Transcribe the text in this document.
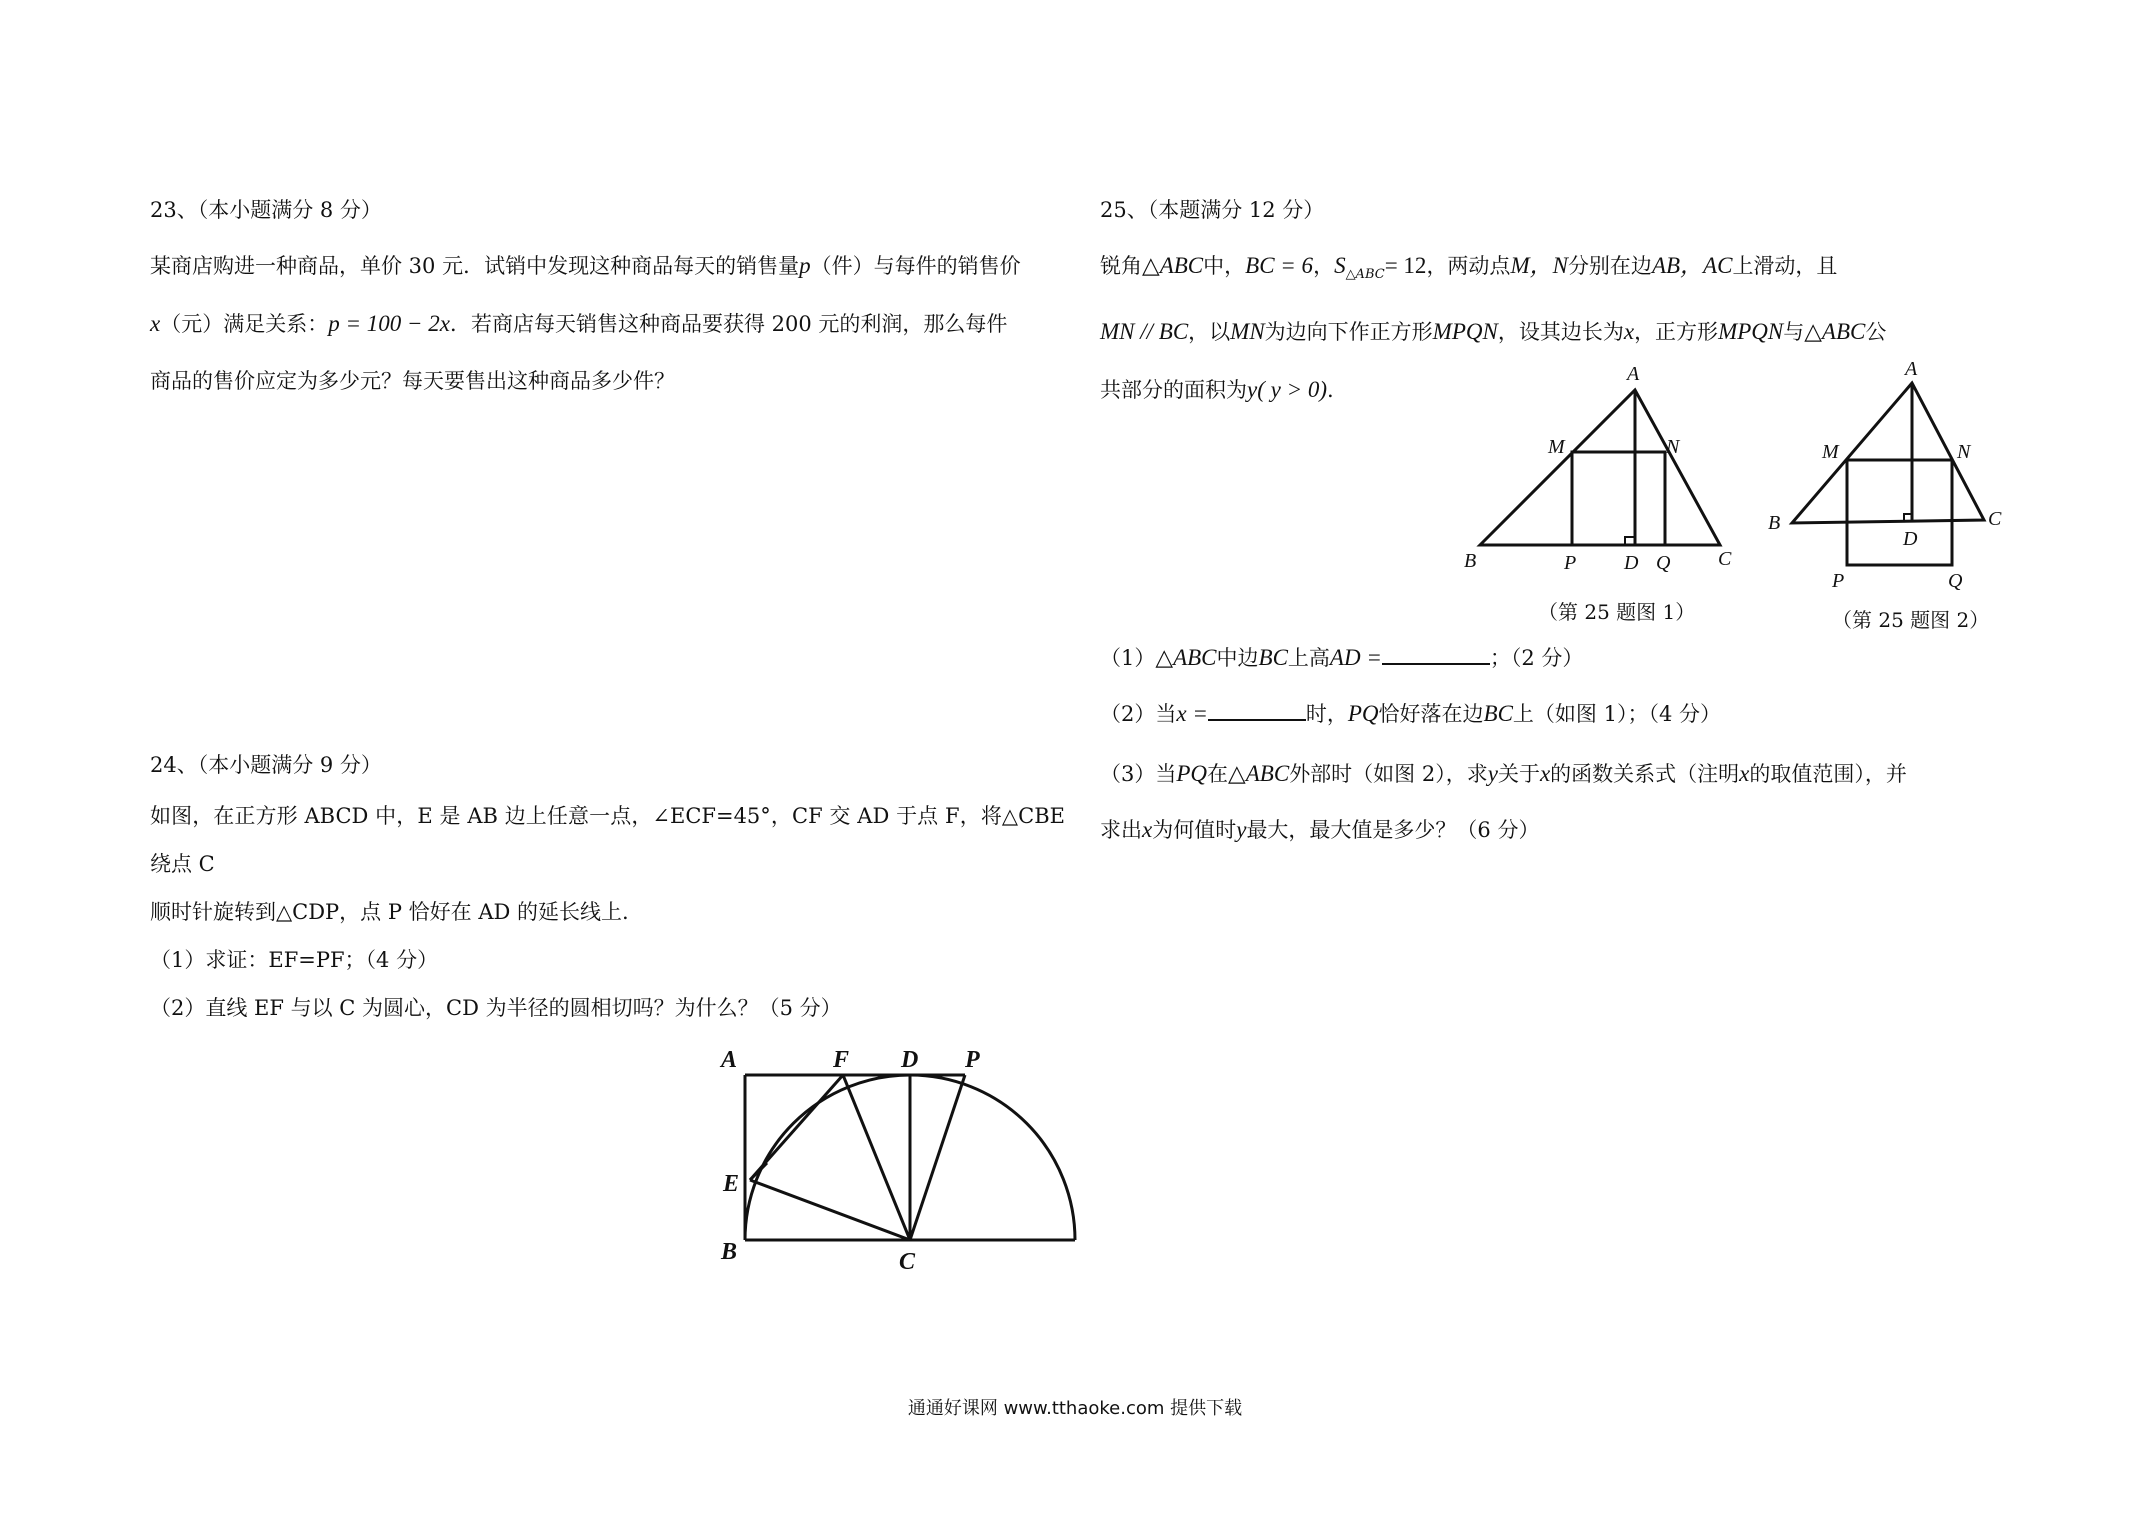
23、（本小题满分 8 分）

某商店购进一种商品，单价 30 元．试销中发现这种商品每天的销售量p（件）与每件的销售价
x（元）满足关系：p = 100 − 2x．若商店每天销售这种商品要获得 200 元的利润，那么每件
商品的售价应定为多少元？每天要售出这种商品多少件？

24、（本小题满分 9 分）

如图，在正方形 ABCD 中，E 是 AB 边上任意一点，∠ECF=45°，CF 交 AD 于点 F，将△CBE 绕点 C
顺时针旋转到△CDP，点 P 恰好在 AD 的延长线上.
（1）求证：EF=PF；（4 分）
（2）直线 EF 与以 C 为圆心，CD 为半径的圆相切吗？为什么？（5 分）

A	F D P
E
B	C

25、（本题满分 12 分）

锐角△ABC中，BC = 6，$S_{\triangle ABC}= 12$，两动点M，N分别在边AB，AC上滑动，且
MN // BC，以MN为边向下作正方形MPQN，设其边长为x，正方形MPQN与△ABC公
共部分的面积为y( y > 0).

（1）△ABC中边BC上高AD =	；（2 分）

（2）当x =	时，PQ恰好落在边BC上（如图 1）；（4 分）

（3）当PQ在△ABC外部时（如图 2），求y关于x的函数关系式（注明x的取值范围），并
求出x为何值时y最大，最大值是多少？（6 分）

A
M	N
B	P D Q C
（第 25 题图 1）
A
M	N
B	C
D
P	Q
（第 25 题图 2）
通通好课网 www.tthaoke.com 提供下载
